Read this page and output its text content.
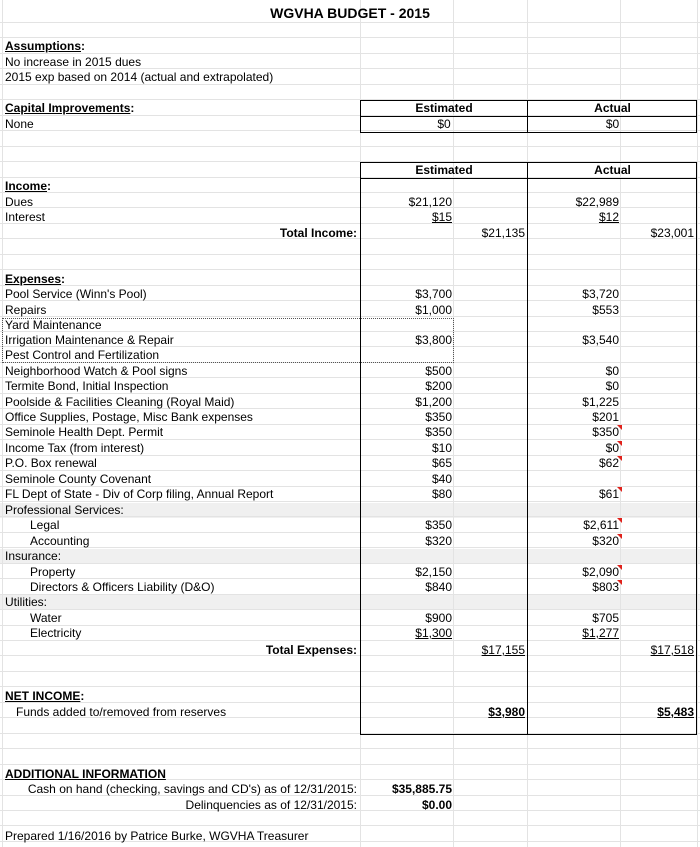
WGVHA BUDGET - 2015
Assumptions:
No increase in 2015 dues
2015 exp based on 2014 (actual and extrapolated)
Capital Improvements:
None
Estimated	Actual
$0	$0
Estimated	Actual
Income:
Dues	$21,120	$22,989
Interest	$15	$12
Total Income:	$21,135	$23,001
Expenses:
Pool Service (Winn's Pool)	$3,700	$3,720
Repairs	$1,000	$553
Yard Maintenance
Irrigation Maintenance & Repair	$3,800	$3,540
Pest Control and Fertilization
Neighborhood Watch & Pool signs	$500	$0
Termite Bond, Initial Inspection	$200	$0
Poolside & Facilities Cleaning (Royal Maid)	$1,200	$1,225
Office Supplies, Postage, Misc Bank expenses	$350	$201
Seminole Health Dept. Permit	$350	$350
Income Tax (from interest)	$10	$0
P.O. Box renewal	$65	$62
Seminole County Covenant	$40
FL Dept of State - Div of Corp filing, Annual Report	$80	$61
Professional Services:
Legal	$350	$2,611
Accounting	$320	$320
Insurance:
Property	$2,150	$2,090
Directors & Officers Liability (D&O)	$840	$803
Utilities:
Water	$900	$705
Electricity	$1,300	$1,277
Total Expenses:	$17,155	$17,518
NET INCOME:
Funds added to/removed from reserves	$3,980	$5,483
ADDITIONAL INFORMATION
Cash on hand (checking, savings and CD's) as of 12/31/2015:	$35,885.75
Delinquencies as of 12/31/2015:	$0.00
Prepared 1/16/2016 by Patrice Burke, WGVHA Treasurer
